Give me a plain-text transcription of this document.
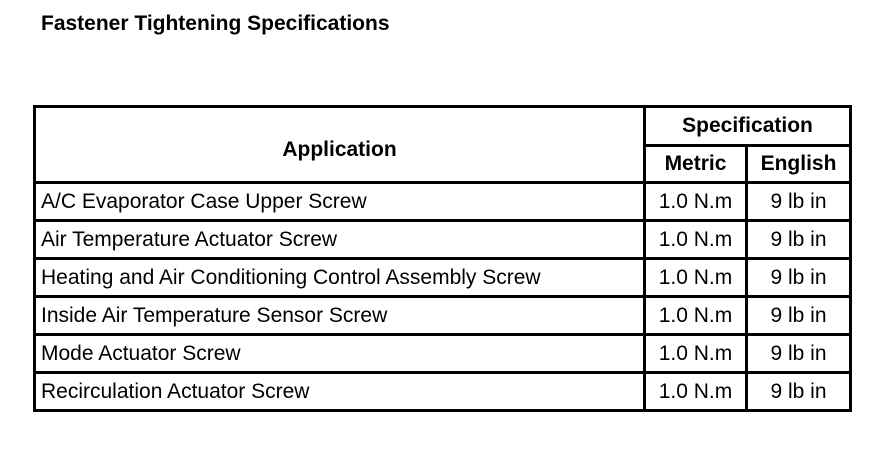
Fastener Tightening Specifications
Application	Specification	
	Metric	English
A/C Evaporator Case Upper Screw	1.0 N.m	9 lb in
Air Temperature Actuator Screw	1.0 N.m	9 lb in
Heating and Air Conditioning Control Assembly Screw	1.0 N.m	9 lb in
Inside Air Temperature Sensor Screw	1.0 N.m	9 lb in
Mode Actuator Screw	1.0 N.m	9 lb in
Recirculation Actuator Screw	1.0 N.m	9 lb in
